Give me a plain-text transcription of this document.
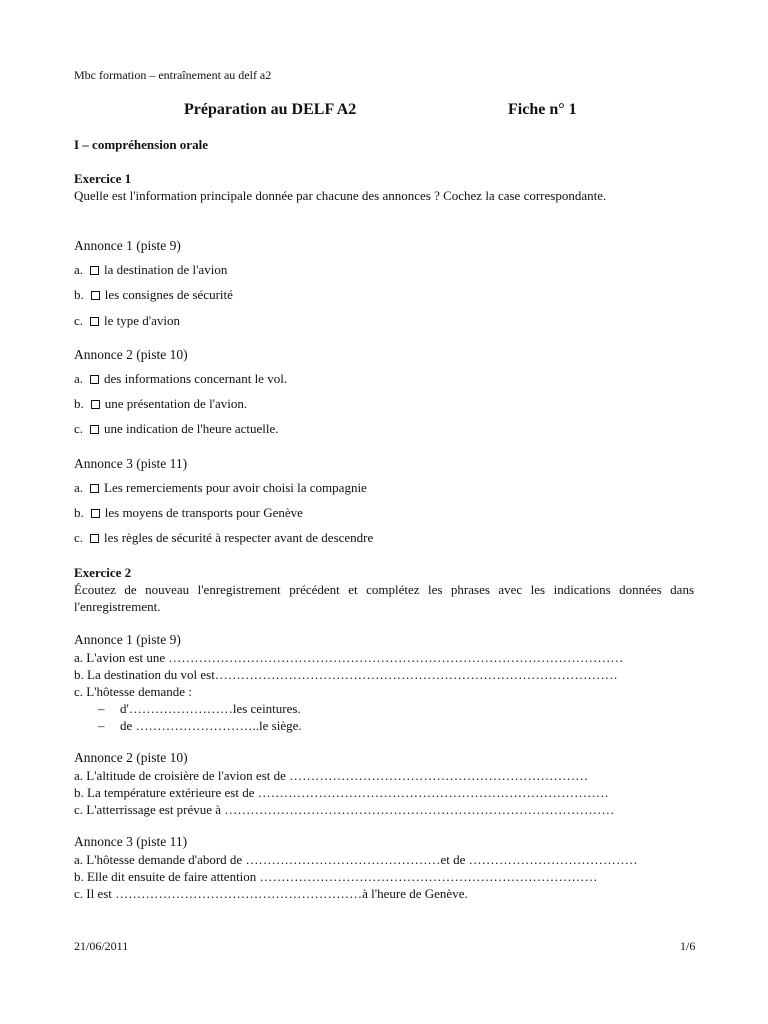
Mbc formation – entraînement au delf a2
Préparation au DELF A2	Fiche n° 1
I – compréhension orale
Exercice 1
Quelle est l'information principale donnée par chacune des annonces ? Cochez la case correspondante.
Annonce 1 (piste 9)
a. la destination de l'avion
b. les consignes de sécurité
c. le type d'avion
Annonce 2 (piste 10)
a. des informations concernant le vol.
b. une présentation de l'avion.
c. une indication de l'heure actuelle.
Annonce 3 (piste 11)
a. Les remerciements pour avoir choisi la compagnie
b. les moyens de transports pour Genève
c. les règles de sécurité à respecter avant de descendre
Exercice 2
Écoutez de nouveau l'enregistrement précédent et complétez les phrases avec les indications données dans l'enregistrement.
Annonce 1 (piste 9)
a. L'avion est une ……………………………………………………………………………………………
b. La destination du vol est…………………………………………………………………………………
c. L'hôtesse demande :
– d'……………………les ceintures.
– de ………………………..le siège.
Annonce 2 (piste 10)
a. L'altitude de croisière de l'avion est de ……………………………………………………………
b. La température extérieure est de ………………………………………………………………………
c. L'atterrissage est prévue à ………………………………………………………………………………
Annonce 3 (piste 11)
a. L'hôtesse demande d'abord de ………………………………………et de …………………………………
b. Elle dit ensuite de faire attention ……………………………………………………………………
c. Il est …………………………………………………à l'heure de Genève.
21/06/2011	1/6
